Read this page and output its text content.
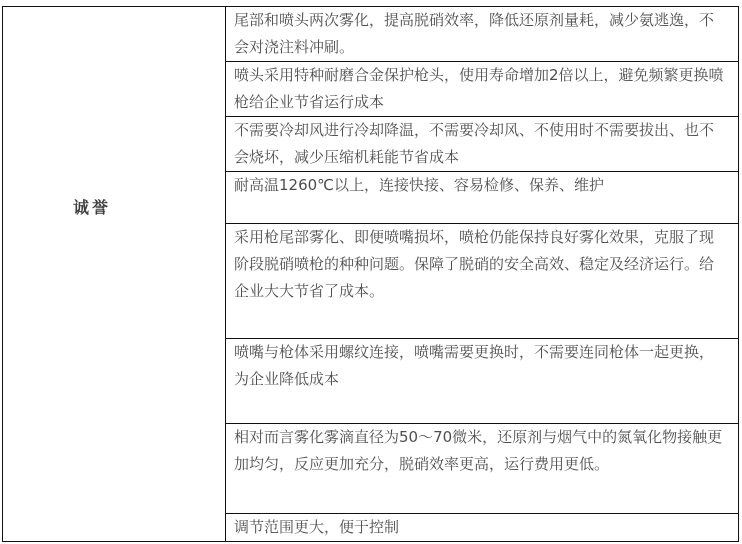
诚誉
尾部和喷头两次雾化，提高脱硝效率，降低还原剂量耗，减少氨逃逸，不会对浇注料冲刷。
喷头采用特种耐磨合金保护枪头，使用寿命增加2倍以上，避免频繁更换喷枪给企业节省运行成本
不需要冷却风进行冷却降温，不需要冷却风、不使用时不需要拔出、也不会烧坏，减少压缩机耗能节省成本
耐高温1260℃以上，连接快接、容易检修、保养、维护
采用枪尾部雾化、即便喷嘴损坏，喷枪仍能保持良好雾化效果，克服了现阶段脱硝喷枪的种种问题。保障了脱硝的安全高效、稳定及经济运行。给企业大大节省了成本。
喷嘴与枪体采用螺纹连接，喷嘴需要更换时，不需要连同枪体一起更换，为企业降低成本
相对而言雾化雾滴直径为50～70微米，还原剂与烟气中的氮氧化物接触更加均匀，反应更加充分，脱硝效率更高，运行费用更低。
调节范围更大，便于控制
